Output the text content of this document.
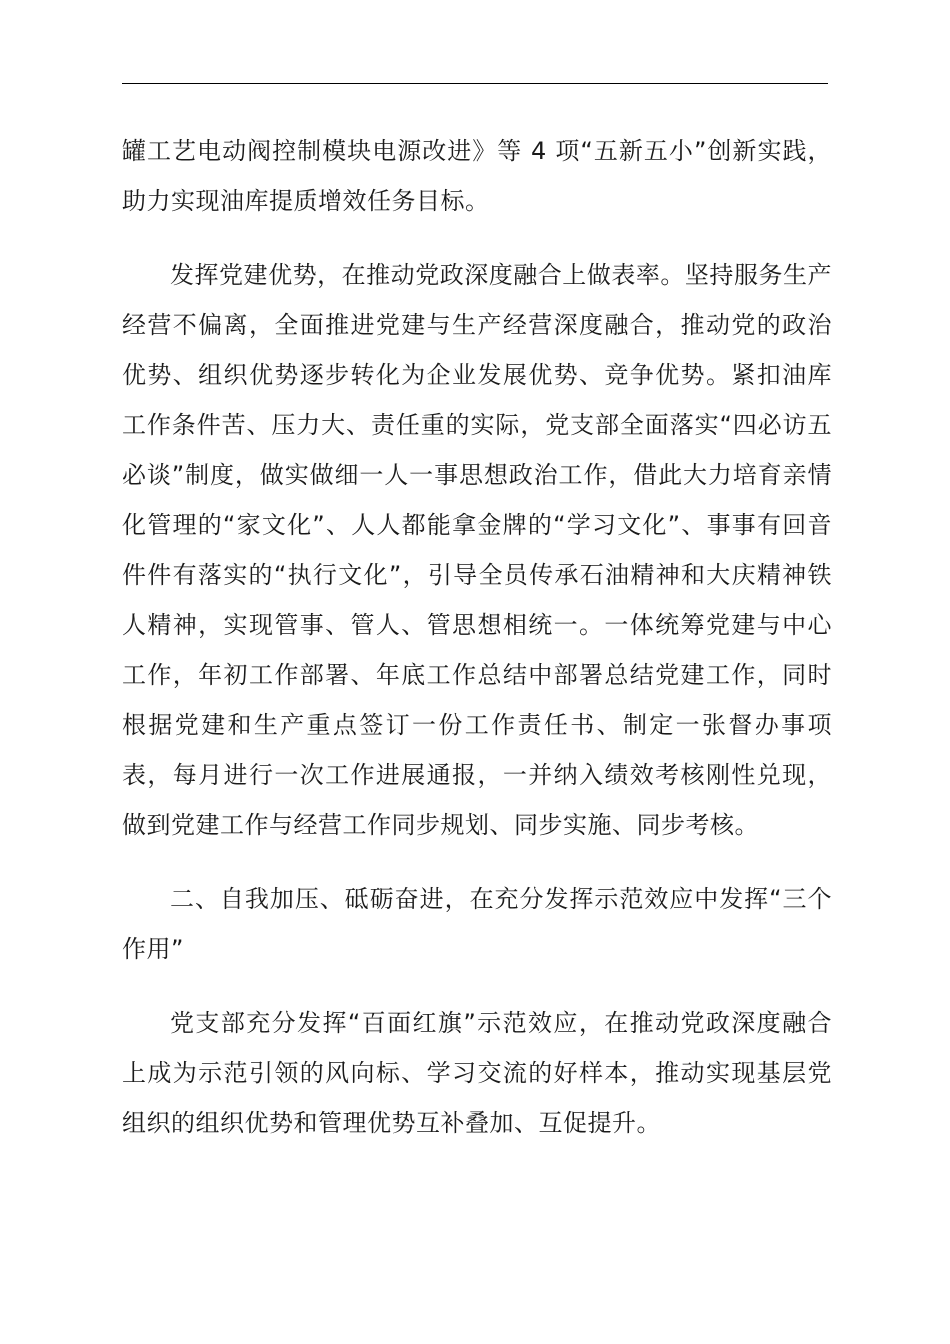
罐工艺电动阀控制模块电源改进》等 4 项“五新五小”创新实践，助力实现油库提质增效任务目标。

发挥党建优势，在推动党政深度融合上做表率。坚持服务生产经营不偏离，全面推进党建与生产经营深度融合，推动党的政治优势、组织优势逐步转化为企业发展优势、竞争优势。紧扣油库工作条件苦、压力大、责任重的实际，党支部全面落实“四必访五必谈”制度，做实做细一人一事思想政治工作，借此大力培育亲情化管理的“家文化”、人人都能拿金牌的“学习文化”、事事有回音件件有落实的“执行文化”，引导全员传承石油精神和大庆精神铁人精神，实现管事、管人、管思想相统一。一体统筹党建与中心工作，年初工作部署、年底工作总结中部署总结党建工作，同时根据党建和生产重点签订一份工作责任书、制定一张督办事项表，每月进行一次工作进展通报，一并纳入绩效考核刚性兑现，做到党建工作与经营工作同步规划、同步实施、同步考核。

二、自我加压、砥砺奋进，在充分发挥示范效应中发挥“三个作用”

党支部充分发挥“百面红旗”示范效应，在推动党政深度融合上成为示范引领的风向标、学习交流的好样本，推动实现基层党组织的组织优势和管理优势互补叠加、互促提升。
